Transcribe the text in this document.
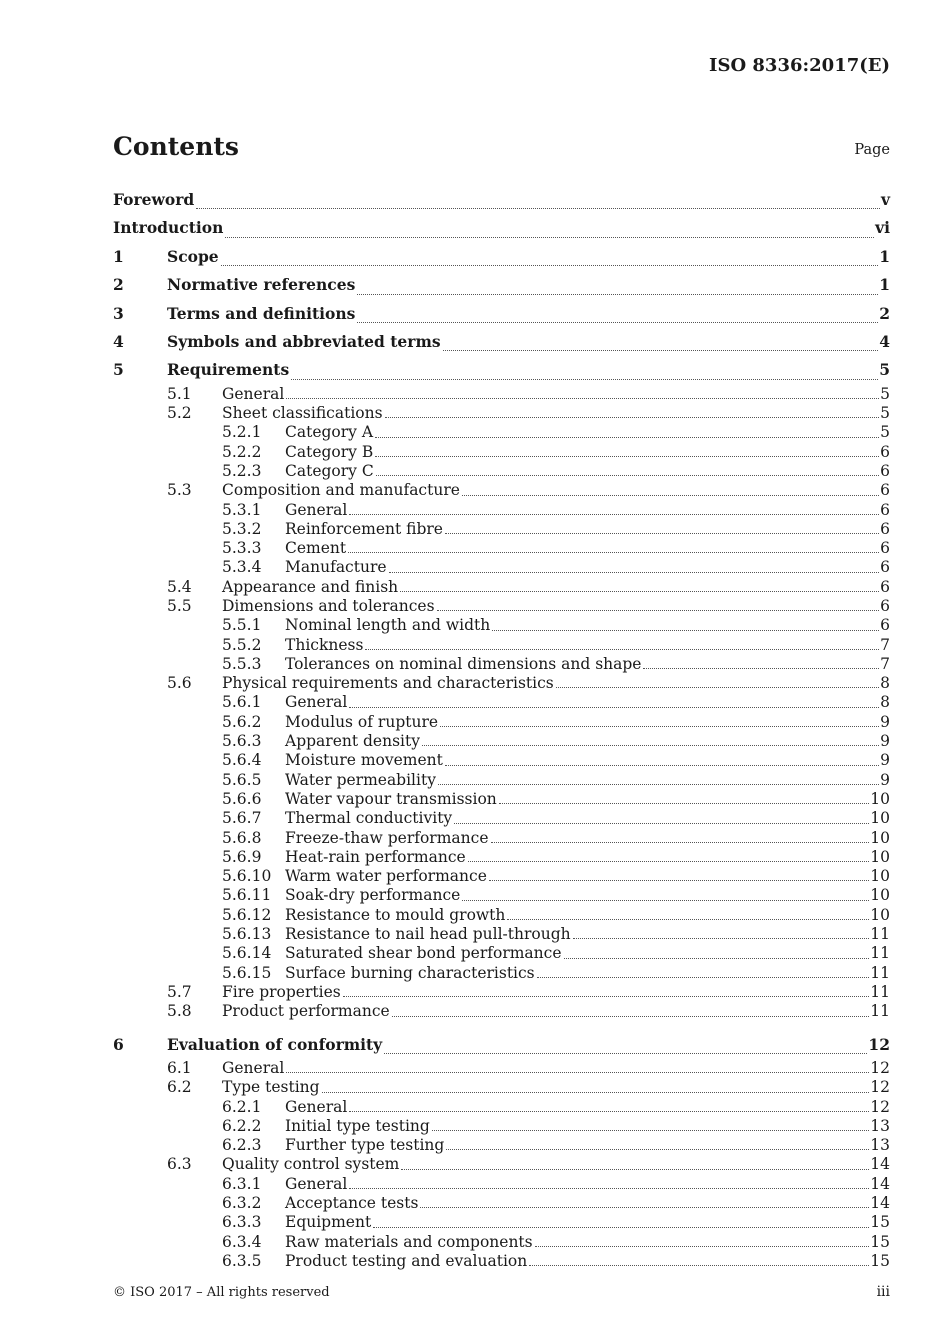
ISO 8336:2017(E)
Contents	Page
Foreword	v
Introduction	vi
1	Scope	1
2	Normative references	1
3	Terms and definitions	2
4	Symbols and abbreviated terms	4
5	Requirements	5
5.1	General	5
5.2	Sheet classifications	5
5.2.1	Category A	5
5.2.2	Category B	6
5.2.3	Category C	6
5.3	Composition and manufacture	6
5.3.1	General	6
5.3.2	Reinforcement fibre	6
5.3.3	Cement	6
5.3.4	Manufacture	6
5.4	Appearance and finish	6
5.5	Dimensions and tolerances	6
5.5.1	Nominal length and width	6
5.5.2	Thickness	7
5.5.3	Tolerances on nominal dimensions and shape	7
5.6	Physical requirements and characteristics	8
5.6.1	General	8
5.6.2	Modulus of rupture	9
5.6.3	Apparent density	9
5.6.4	Moisture movement	9
5.6.5	Water permeability	9
5.6.6	Water vapour transmission	10
5.6.7	Thermal conductivity	10
5.6.8	Freeze-thaw performance	10
5.6.9	Heat-rain performance	10
5.6.10 Warm water performance	10
5.6.11 Soak-dry performance	10
5.6.12 Resistance to mould growth	10
5.6.13 Resistance to nail head pull-through	11
5.6.14 Saturated shear bond performance	11
5.6.15 Surface burning characteristics	11
5.7	Fire properties	11
5.8	Product performance	11
6	Evaluation of conformity	12
6.1	General	12
6.2	Type testing	12
6.2.1	General	12
6.2.2	Initial type testing	13
6.2.3	Further type testing	13
6.3	Quality control system	14
6.3.1	General	14
6.3.2	Acceptance tests	14
6.3.3	Equipment	15
6.3.4	Raw materials and components	15
6.3.5	Product testing and evaluation	15
© ISO 2017 – All rights reserved	iii
